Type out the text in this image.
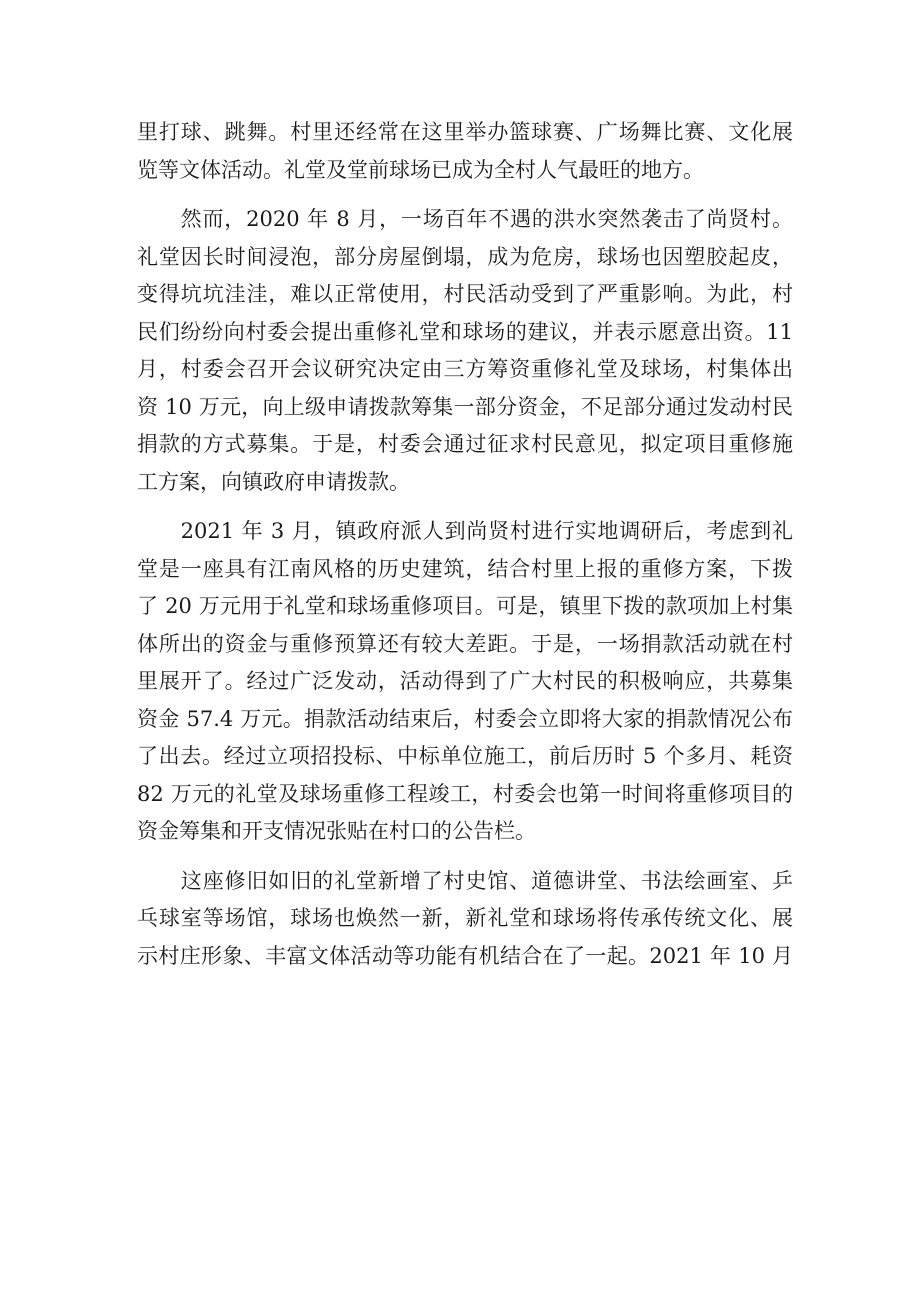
里打球、跳舞。村里还经常在这里举办篮球赛、广场舞比赛、文化展
览等文体活动。礼堂及堂前球场已成为全村人气最旺的地方。
　　然而，2020 年 8 月，一场百年不遇的洪水突然袭击了尚贤村。
礼堂因长时间浸泡，部分房屋倒塌，成为危房，球场也因塑胶起皮，
变得坑坑洼洼，难以正常使用，村民活动受到了严重影响。为此，村
民们纷纷向村委会提出重修礼堂和球场的建议，并表示愿意出资。11
月，村委会召开会议研究决定由三方筹资重修礼堂及球场，村集体出
资 10 万元，向上级申请拨款筹集一部分资金，不足部分通过发动村民
捐款的方式募集。于是，村委会通过征求村民意见，拟定项目重修施
工方案，向镇政府申请拨款。
　　2021 年 3 月，镇政府派人到尚贤村进行实地调研后，考虑到礼
堂是一座具有江南风格的历史建筑，结合村里上报的重修方案，下拨
了 20 万元用于礼堂和球场重修项目。可是，镇里下拨的款项加上村集
体所出的资金与重修预算还有较大差距。于是，一场捐款活动就在村
里展开了。经过广泛发动，活动得到了广大村民的积极响应，共募集
资金 57.4 万元。捐款活动结束后，村委会立即将大家的捐款情况公布
了出去。经过立项招投标、中标单位施工，前后历时 5 个多月、耗资
82 万元的礼堂及球场重修工程竣工，村委会也第一时间将重修项目的
资金筹集和开支情况张贴在村口的公告栏。
　　这座修旧如旧的礼堂新增了村史馆、道德讲堂、书法绘画室、乒
乓球室等场馆，球场也焕然一新，新礼堂和球场将传承传统文化、展
示村庄形象、丰富文体活动等功能有机结合在了一起。2021 年 10 月
